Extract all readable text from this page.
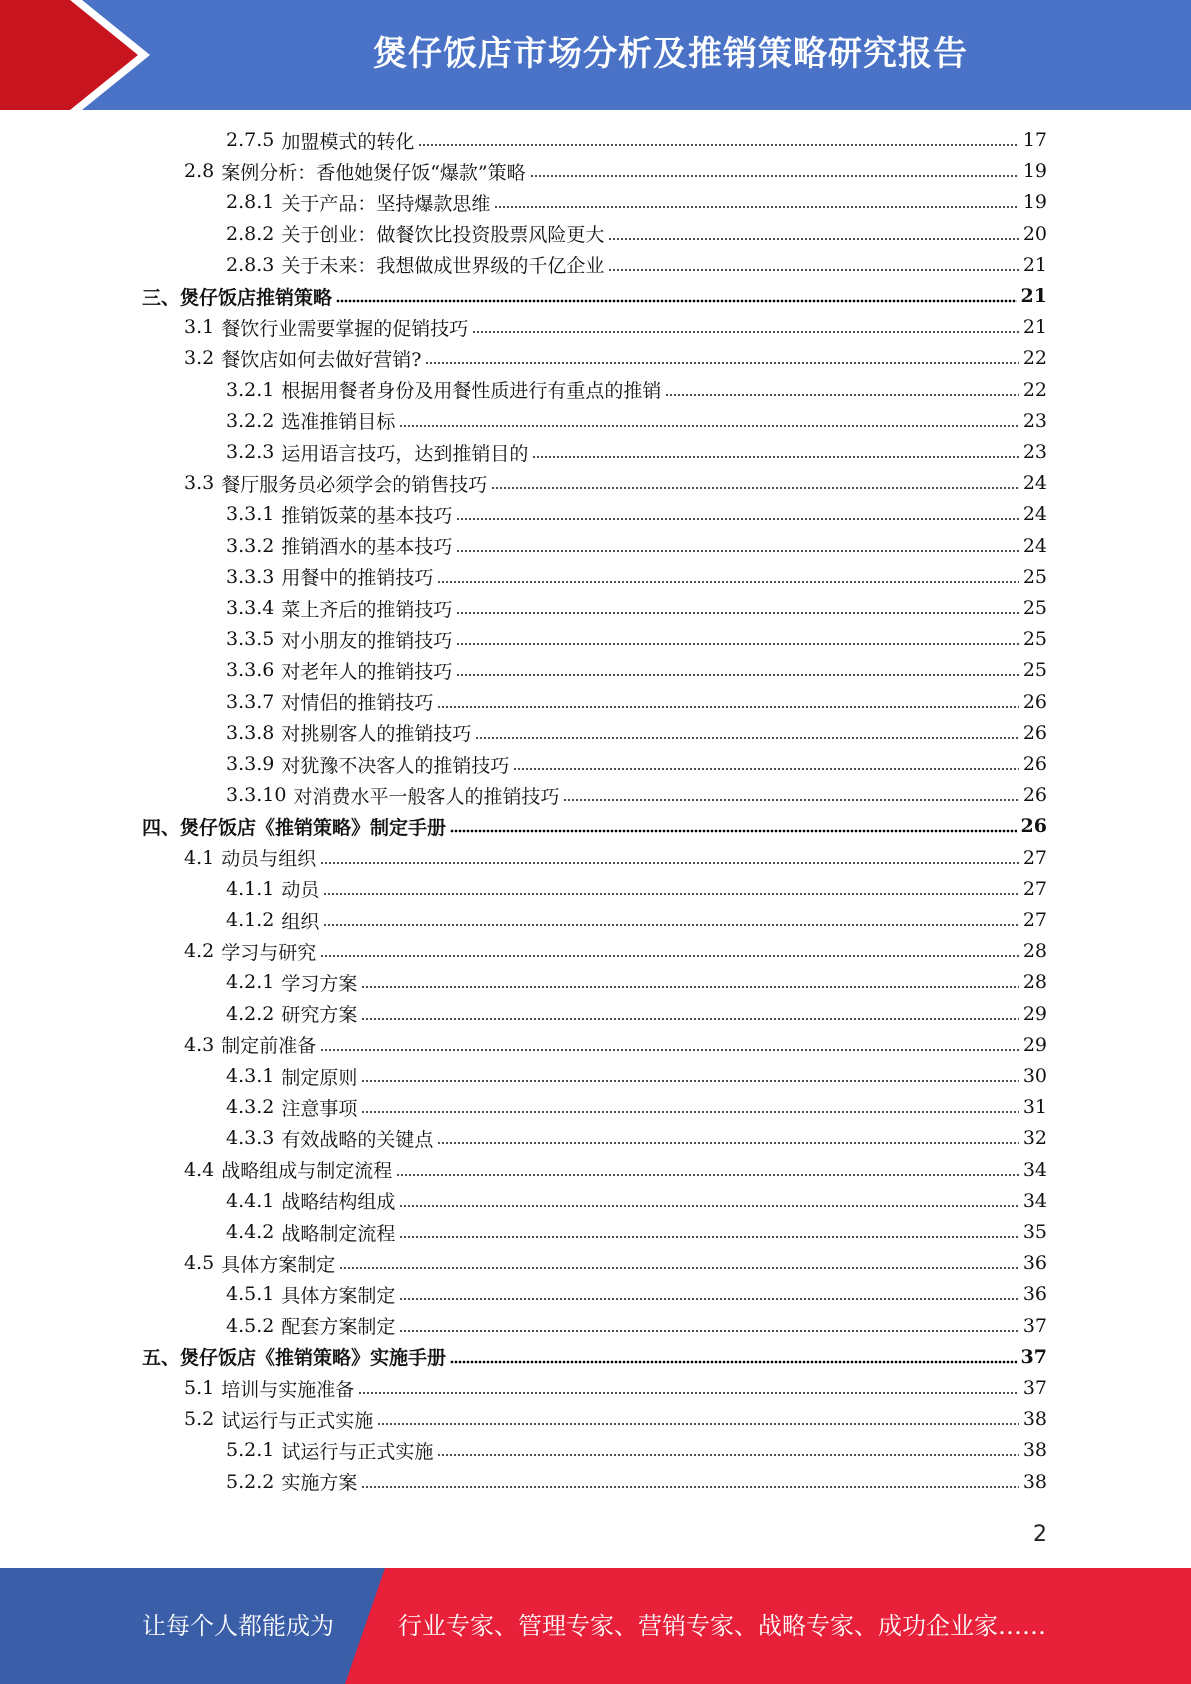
煲仔饭店市场分析及推销策略研究报告
2.7.5 加盟模式的转化	17
2.8 案例分析：香他她煲仔饭“爆款”策略	19
2.8.1 关于产品：坚持爆款思维	19
2.8.2 关于创业：做餐饮比投资股票风险更大	20
2.8.3 关于未来：我想做成世界级的千亿企业	21
三、 煲仔饭店推销策略	21
3.1 餐饮行业需要掌握的促销技巧	21
3.2 餐饮店如何去做好营销?	22
3.2.1 根据用餐者身份及用餐性质进行有重点的推销	22
3.2.2 选准推销目标	23
3.2.3 运用语言技巧，达到推销目的	23
3.3 餐厅服务员必须学会的销售技巧	24
3.3.1 推销饭菜的基本技巧	24
3.3.2 推销酒水的基本技巧	24
3.3.3 用餐中的推销技巧	25
3.3.4 菜上齐后的推销技巧	25
3.3.5 对小朋友的推销技巧	25
3.3.6 对老年人的推销技巧	25
3.3.7 对情侣的推销技巧	26
3.3.8 对挑剔客人的推销技巧	26
3.3.9 对犹豫不决客人的推销技巧	26
3.3.10 对消费水平一般客人的推销技巧	26
四、 煲仔饭店《推销策略》制定手册	26
4.1 动员与组织	27
4.1.1 动员	27
4.1.2 组织	27
4.2 学习与研究	28
4.2.1 学习方案	28
4.2.2 研究方案	29
4.3 制定前准备	29
4.3.1 制定原则	30
4.3.2 注意事项	31
4.3.3 有效战略的关键点	32
4.4 战略组成与制定流程	34
4.4.1 战略结构组成	34
4.4.2 战略制定流程	35
4.5 具体方案制定	36
4.5.1 具体方案制定	36
4.5.2 配套方案制定	37
五、 煲仔饭店《推销策略》实施手册	37
5.1 培训与实施准备	37
5.2 试运行与正式实施	38
5.2.1 试运行与正式实施	38
5.2.2 实施方案	38
2
让每个人都能成为	行业专家、管理专家、营销专家、战略专家、成功企业家……
